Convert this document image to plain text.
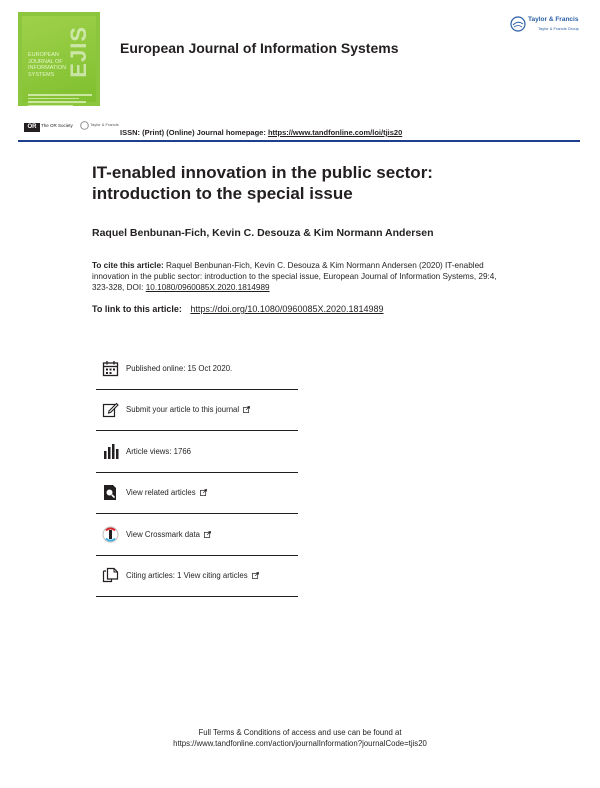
EJIS

EUROPEAN JOURNAL OF INFORMATION SYSTEMS
European Journal of Information Systems
Taylor & Francis
Taylor & Francis Group
OR	The OR Society	Taylor & Francis
ISSN: (Print) (Online) Journal homepage: https://www.tandfonline.com/loi/tjis20
IT-enabled innovation in the public sector: introduction to the special issue
Raquel Benbunan-Fich, Kevin C. Desouza & Kim Normann Andersen
To cite this article: Raquel Benbunan-Fich, Kevin C. Desouza & Kim Normann Andersen (2020) IT-enabled innovation in the public sector: introduction to the special issue, European Journal of Information Systems, 29:4, 323-328, DOI: 10.1080/0960085X.2020.1814989
To link to this article: https://doi.org/10.1080/0960085X.2020.1814989
Published online: 15 Oct 2020.
Submit your article to this journal
Article views: 1766
View related articles
View Crossmark data
Citing articles: 1 View citing articles
Full Terms & Conditions of access and use can be found at
https://www.tandfonline.com/action/journalInformation?journalCode=tjis20
